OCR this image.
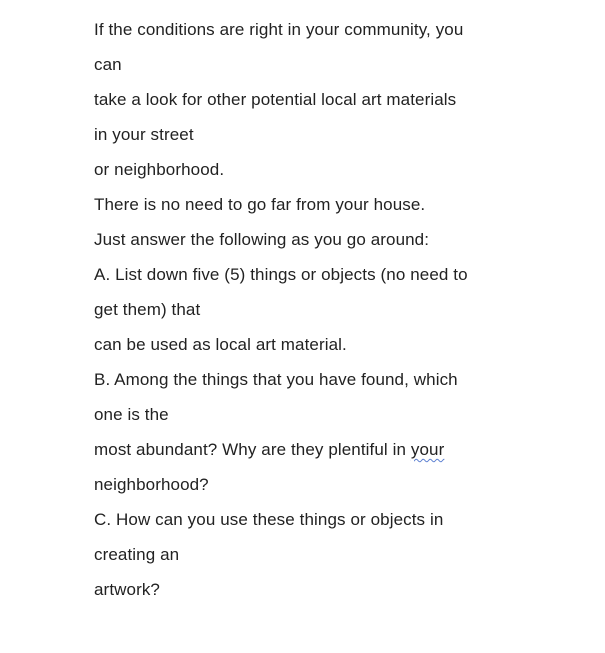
If the conditions are right in your community, you
can
take a look for other potential local art materials
in your street
or neighborhood.
There is no need to go far from your house.
Just answer the following as you go around:
A. List down five (5) things or objects (no need to
get them) that
can be used as local art material.
B. Among the things that you have found, which
one is the
most abundant? Why are they plentiful in your
neighborhood?
C. How can you use these things or objects in
creating an
artwork?
